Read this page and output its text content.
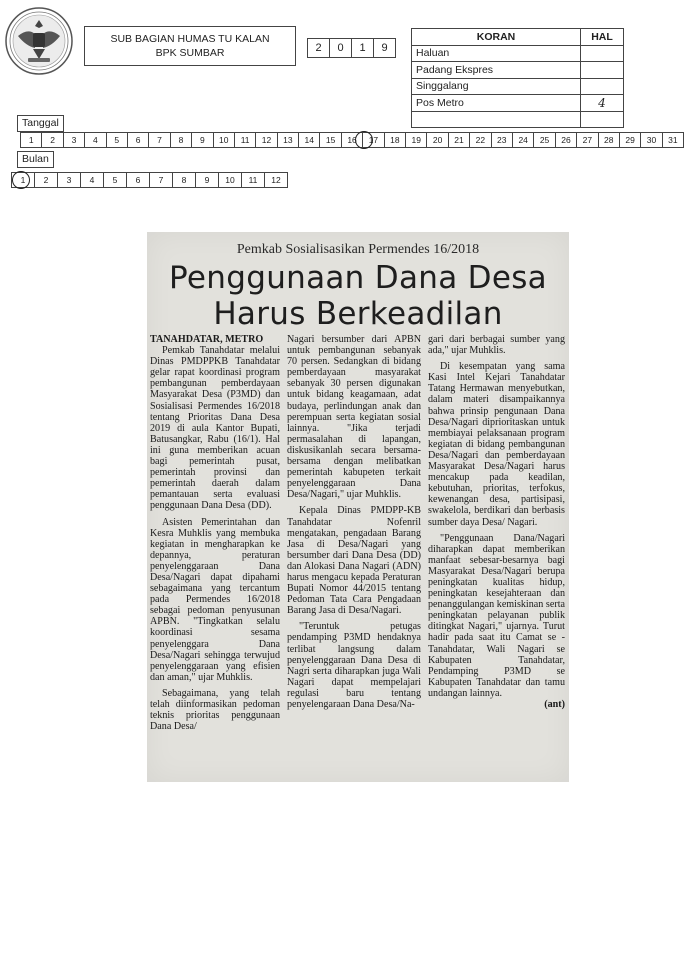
SUB BAGIAN HUMAS TU KALAN
BPK SUMBAR	2	0	1	9
KORAN	HAL
Haluan	
Padang Ekspres	
Singgalang	
Pos Metro	4

Tanggal
1	2	3	4	5	6	7	8	9	10	11	12	13	14	15	16	17	18	19	20	21	22	23	24	25	26	27	28	29	30	31
Bulan
1	2	3	4	5	6	7	8	9	10	11	12
Pemkab Sosialisasikan Permendes 16/2018
Penggunaan Dana Desa
Harus Berkeadilan

TANAHDATAR, METRO

Pemkab Tanahdatar melalui Dinas PMDPPKB Tanahdatar gelar rapat koordinasi program pembangunan pemberdayaan Masyarakat Desa (P3MD) dan Sosialisasi Permendes 16/2018 tentang Prioritas Dana Desa 2019 di aula Kantor Bupati, Batusangkar, Rabu (16/1). Hal ini guna memberikan acuan bagi pemerintah pusat, pemerintah provinsi dan pemerintah daerah dalam pemantauan serta evaluasi penggunaan Dana Desa (DD).

Asisten Pemerintahan dan Kesra Muhklis yang membuka kegiatan in mengharapkan ke depannya, peraturan penyelenggaraan Dana Desa/Nagari dapat dipahami sebagaimana yang tercantum pada Permendes 16/2018 sebagai pedoman penyusunan APBN. "Tingkatkan selalu koordinasi sesama penyelenggara Dana Desa/Nagari sehingga terwujud penyelenggaraan yang efisien dan aman," ujar Muhklis.

Sebagaimana, yang telah telah diinformasikan pedoman teknis prioritas penggunaan Dana Desa/

Nagari bersumber dari APBN untuk pembangunan sebanyak 70 persen. Sedangkan di bidang pemberdayaan masyarakat sebanyak 30 persen digunakan untuk bidang keagamaan, adat budaya, perlindungan anak dan perempuan serta kegiatan sosial lainnya. "Jika terjadi permasalahan di lapangan, diskusikanlah secara bersama-bersama dengan melibatkan pemerintah kabupeten terkait penyelenggaraan Dana Desa/Nagari," ujar Muhklis.

Kepala Dinas PMDPP-KB Tanahdatar Nofenril mengatakan, pengadaan Barang Jasa di Desa/Nagari yang bersumber dari Dana Desa (DD) dan Alokasi Dana Nagari (ADN) harus mengacu kepada Peraturan Bupati Nomor 44/2015 tentang Pedoman Tata Cara Pengadaan Barang Jasa di Desa/Nagari.

"Teruntuk petugas pendamping P3MD hendaknya terlibat langsung dalam penyelenggaraan Dana Desa di Nagri serta diharapkan juga Wali Nagari dapat mempelajari regulasi baru tentang penyelengaraan Dana Desa/Na-

gari dari berbagai sumber yang ada," ujar Muhklis.

Di kesempatan yang sama Kasi Intel Kejari Tanahdatar Tatang Hermawan menyebutkan, dalam materi disampaikannya bahwa prinsip pengunaan Dana Desa/Nagari diprioritaskan untuk membiayai pelaksanaan program kegiatan di bidang pembangunan Desa/Nagari dan pemberdayaan Masyarakat Desa/Nagari harus mencakup pada keadilan, kebutuhan, prioritas, terfokus, kewenangan desa, partisipasi, swakelola, berdikari dan berbasis sumber daya Desa/ Nagari.

"Penggunaan Dana/Nagari diharapkan dapat memberikan manfaat sebesar-besarnya bagi Masyarakat Desa/Nagari berupa peningkatan kualitas hidup, peningkatan kesejahteraan dan penanggulangan kemiskinan serta peningkatan pelayanan publik ditingkat Nagari," ujarnya. Turut hadir pada saat itu Camat se -Tanahdatar, Wali Nagari se Kabupaten Tanahdatar, Pendamping P3MD se Kabupaten Tanahdatar dan tamu undangan lainnya.

(ant)
